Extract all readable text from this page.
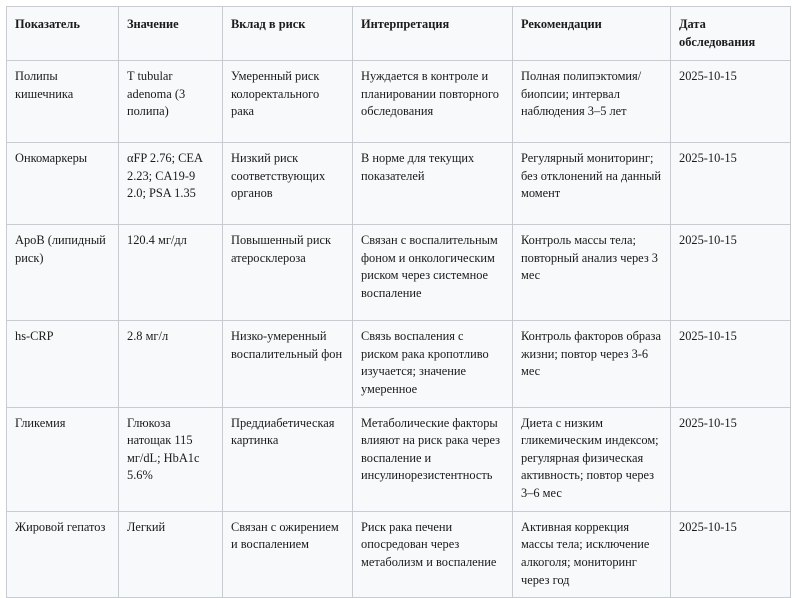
Показатель	Значение	Вклад в риск	Интерпретация	Рекомендации	Дата обследования
Полипы кишечника	T tubular adenoma (3 полипа)	Умеренный риск колоректального рака	Нуждается в контроле и планировании повторного обследования	Полная полипэктомия/биопсии; интервал наблюдения 3–5 лет	2025-10-15
Онкомаркеры	αFP 2.76; CEA 2.23; CA19-9 2.0; PSA 1.35	Низкий риск соответствующих органов	В норме для текущих показателей	Регулярный мониторинг; без отклонений на данный момент	2025-10-15
ApoB (липидный риск)	120.4 мг/дл	Повышенный риск атеросклероза	Связан с воспалительным фоном и онкологическим риском через системное воспаление	Контроль массы тела; повторный анализ через 3 мес	2025-10-15
hs-CRP	2.8 мг/л	Низко-умеренный воспалительный фон	Связь воспаления с риском рака кропотливо изучается; значение умеренное	Контроль факторов образа жизни; повтор через 3-6 мес	2025-10-15
Гликемия	Глюкоза натощак 115 мг/dL; HbA1c 5.6%	Преддиабетическая картинка	Метаболические факторы влияют на риск рака через воспаление и инсулинорезистентность	Диета с низким гликемическим индексом; регулярная физическая активность; повтор через 3–6 мес	2025-10-15
Жировой гепатоз	Легкий	Связан с ожирением и воспалением	Риск рака печени опосредован через метаболизм и воспаление	Активная коррекция массы тела; исключение алкоголя; мониторинг через год	2025-10-15
